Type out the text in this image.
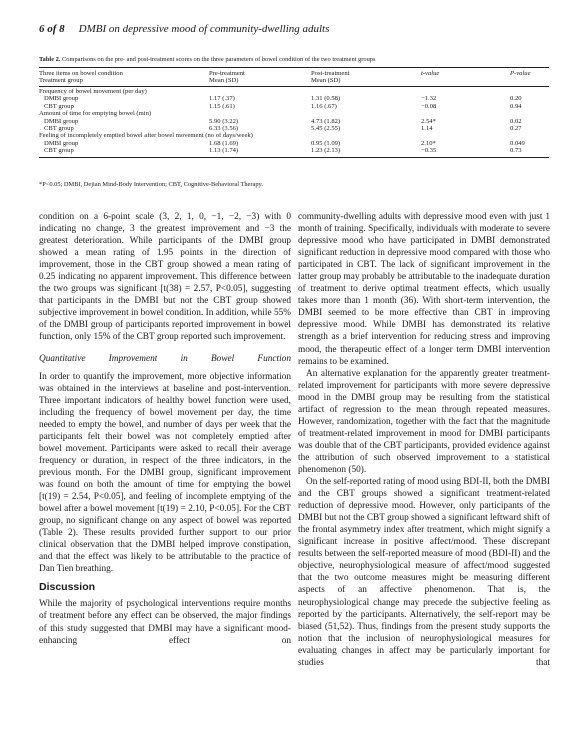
6 of 8 DMBI on depressive mood of community-dwelling adults
Table 2. Comparisons on the pre- and post-treatment scores on the three parameters of bowel condition of the two treatment groups
Three items on bowel condition	Pre-treatment	Post-treatment	t-value	P-value
Treatment group	Mean (SD)	Mean (SD)
Frequency of bowel movement (per day)
DMBI group	1.17 (.37)	1.31 (0.58)	−1.32	0.20
CBT group	1.15 (.61)	1.16 (.67)	−0.08	0.94
Amount of time for emptying bowel (min)
DMBI group	5.90 (3.22)	4.73 (1.82)	2.54*	0.02
CBT group	6.33 (3.56)	5.45 (2.55)	1.14	0.27
Feeling of incompletely emptied bowel after bowel movement (no of days/week)
DMBI group	1.68 (1.69)	0.95 (1.09)	2.10*	0.049
CBT group	1.13 (1.74)	1.23 (2.13)	−0.35	0.73
*P<0.05; DMBI, Dejian Mind-Body Intervention; CBT, Cognitive-Behavioral Therapy.

condition on a 6-point scale (3, 2, 1, 0, −1, −2, −3) with 0 indicating no change, 3 the greatest improvement and −3 the greatest deterioration. While participants of the DMBI group showed a mean rating of 1.95 points in the direction of improvement, those in the CBT group showed a mean rating of 0.25 indicating no apparent improvement. This difference between the two groups was significant [t(38) = 2.57, P<0.05], suggesting that participants in the DMBI but not the CBT group showed subjective improvement in bowel condition. In addition, while 55% of the DMBI group of participants reported improvement in bowel function, only 15% of the CBT group reported such improvement.

Quantitative Improvement in Bowel Function

In order to quantify the improvement, more objective information was obtained in the interviews at baseline and post-intervention. Three important indicators of healthy bowel function were used, including the frequency of bowel movement per day, the time needed to empty the bowel, and number of days per week that the participants felt their bowel was not completely emptied after bowel movement. Participants were asked to recall their average frequency or duration, in respect of the three indicators, in the previous month. For the DMBI group, significant improvement was found on both the amount of time for emptying the bowel [t(19) = 2.54, P<0.05], and feeling of incomplete emptying of the bowel after a bowel movement [t(19) = 2.10, P<0.05]. For the CBT group, no significant change on any aspect of bowel was reported (Table 2). These results provided further support to our prior clinical observation that the DMBI helped improve constipation, and that the effect was likely to be attributable to the practice of Dan Tien breathing.

Discussion

While the majority of psychological interventions require months of treatment before any effect can be observed, the major findings of this study suggested that DMBI may have a significant mood-enhancing effect on

community-dwelling adults with depressive mood even with just 1 month of training. Specifically, individuals with moderate to severe depressive mood who have participated in DMBI demonstrated significant reduction in depressive mood compared with those who participated in CBT. The lack of significant improvement in the latter group may probably be attributable to the inadequate duration of treatment to derive optimal treatment effects, which usually takes more than 1 month (36). With short-term intervention, the DMBI seemed to be more effective than CBT in improving depressive mood. While DMBI has demonstrated its relative strength as a brief intervention for reducing stress and improving mood, the therapeutic effect of a longer term DMBI intervention remains to be examined.

An alternative explanation for the apparently greater treatment-related improvement for participants with more severe depressive mood in the DMBI group may be resulting from the statistical artifact of regression to the mean through repeated measures. However, randomization, together with the fact that the magnitude of treatment-related improvement in mood for DMBI participants was double that of the CBT participants, provided evidence against the attribution of such observed improvement to a statistical phenomenon (50).

On the self-reported rating of mood using BDI-II, both the DMBI and the CBT groups showed a significant treatment-related reduction of depressive mood. However, only participants of the DMBI but not the CBT group showed a significant leftward shift of the frontal asymmetry index after treatment, which might signify a significant increase in positive affect/mood. These discrepant results between the self-reported measure of mood (BDI-II) and the objective, neurophysiological measure of affect/mood suggested that the two outcome measures might be measuring different aspects of an affective phenomenon. That is, the neurophysiological change may precede the subjective feeling as reported by the participants. Alternatively, the self-report may be biased (51,52). Thus, findings from the present study supports the notion that the inclusion of neurophysiological measures for evaluating changes in affect may be particularly important for studies that
